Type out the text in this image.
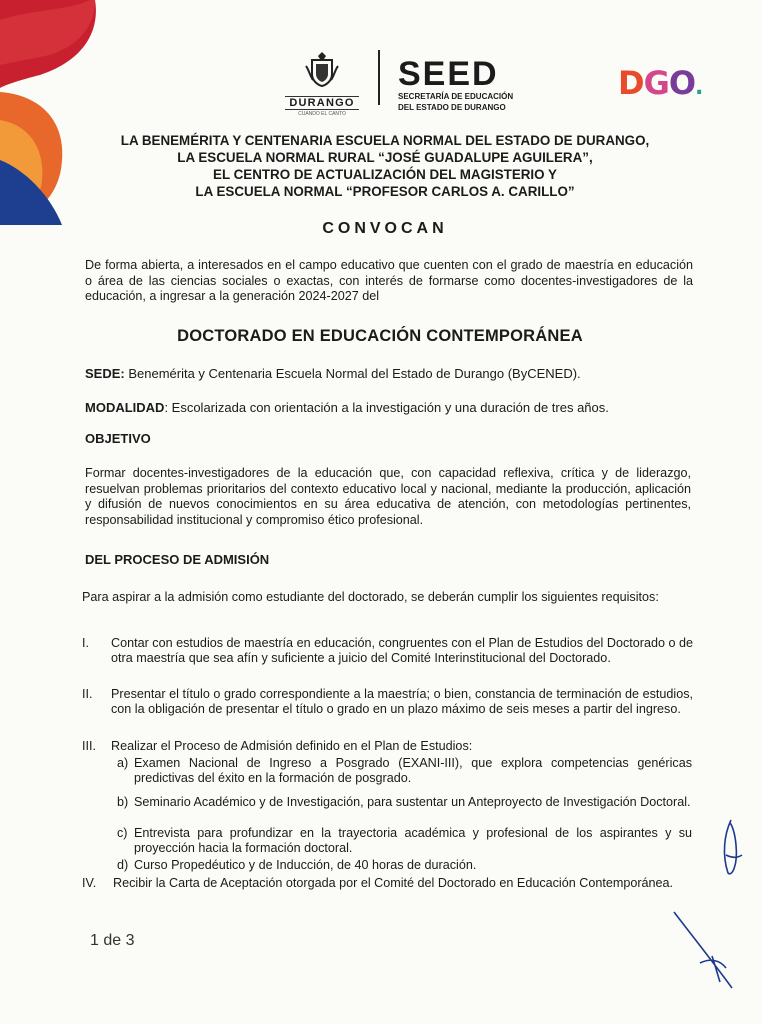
DURANGO
CUANDO EL CANTO
SEED
SECRETARÍA DE EDUCACIÓN
DEL ESTADO DE DURANGO
DGO.
LA BENEMÉRITA Y CENTENARIA ESCUELA NORMAL DEL ESTADO DE DURANGO,
LA ESCUELA NORMAL RURAL “JOSÉ GUADALUPE AGUILERA”,
EL CENTRO DE ACTUALIZACIÓN DEL MAGISTERIO Y
LA ESCUELA NORMAL “PROFESOR CARLOS A. CARILLO”
CONVOCAN
De forma abierta, a interesados en el campo educativo que cuenten con el grado de maestría en educación o área de las ciencias sociales o exactas, con interés de formarse como docentes-investigadores de la educación, a ingresar a la generación 2024-2027 del
DOCTORADO EN EDUCACIÓN CONTEMPORÁNEA
SEDE: Benemérita y Centenaria Escuela Normal del Estado de Durango (ByCENED).
MODALIDAD: Escolarizada con orientación a la investigación y una duración de tres años.
OBJETIVO
Formar docentes-investigadores de la educación que, con capacidad reflexiva, crítica y de liderazgo, resuelvan problemas prioritarios del contexto educativo local y nacional, mediante la producción, aplicación y difusión de nuevos conocimientos en su área educativa de atención, con metodologías pertinentes, responsabilidad institucional y compromiso ético profesional.
DEL PROCESO DE ADMISIÓN
Para aspirar a la admisión como estudiante del doctorado, se deberán cumplir los siguientes requisitos:
I. Contar con estudios de maestría en educación, congruentes con el Plan de Estudios del Doctorado o de otra maestría que sea afín y suficiente a juicio del Comité Interinstitucional del Doctorado.
II. Presentar el título o grado correspondiente a la maestría; o bien, constancia de terminación de estudios, con la obligación de presentar el título o grado en un plazo máximo de seis meses a partir del ingreso.
III. Realizar el Proceso de Admisión definido en el Plan de Estudios:
a) Examen Nacional de Ingreso a Posgrado (EXANI-III), que explora competencias genéricas predictivas del éxito en la formación de posgrado.
b) Seminario Académico y de Investigación, para sustentar un Anteproyecto de Investigación Doctoral.
c) Entrevista para profundizar en la trayectoria académica y profesional de los aspirantes y su proyección hacia la formación doctoral.
d) Curso Propedéutico y de Inducción, de 40 horas de duración.
IV. Recibir la Carta de Aceptación otorgada por el Comité del Doctorado en Educación Contemporánea.
1 de 3
